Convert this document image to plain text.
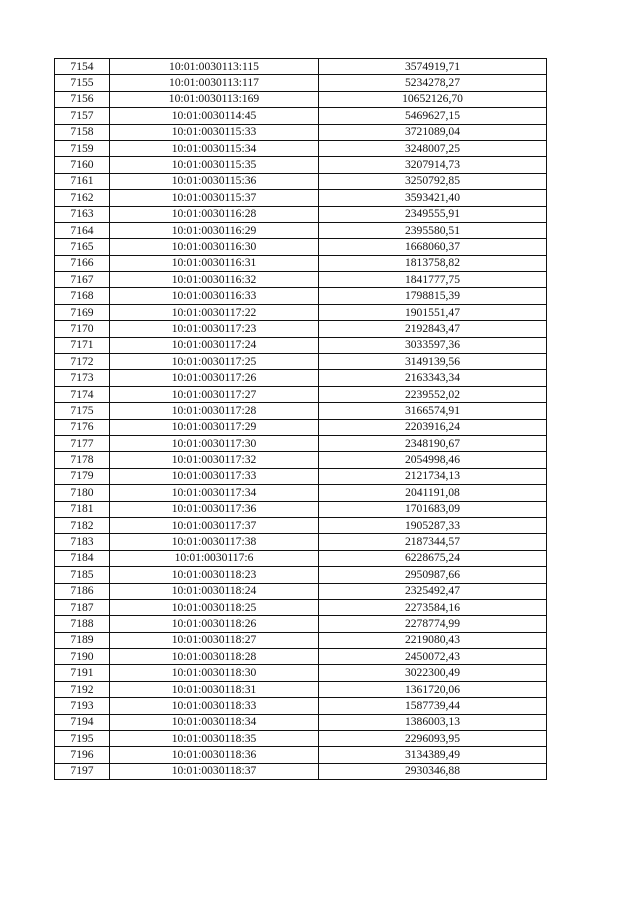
7154	10:01:0030113:115	3574919,71
7155	10:01:0030113:117	5234278,27
7156	10:01:0030113:169	10652126,70
7157	10:01:0030114:45	5469627,15
7158	10:01:0030115:33	3721089,04
7159	10:01:0030115:34	3248007,25
7160	10:01:0030115:35	3207914,73
7161	10:01:0030115:36	3250792,85
7162	10:01:0030115:37	3593421,40
7163	10:01:0030116:28	2349555,91
7164	10:01:0030116:29	2395580,51
7165	10:01:0030116:30	1668060,37
7166	10:01:0030116:31	1813758,82
7167	10:01:0030116:32	1841777,75
7168	10:01:0030116:33	1798815,39
7169	10:01:0030117:22	1901551,47
7170	10:01:0030117:23	2192843,47
7171	10:01:0030117:24	3033597,36
7172	10:01:0030117:25	3149139,56
7173	10:01:0030117:26	2163343,34
7174	10:01:0030117:27	2239552,02
7175	10:01:0030117:28	3166574,91
7176	10:01:0030117:29	2203916,24
7177	10:01:0030117:30	2348190,67
7178	10:01:0030117:32	2054998,46
7179	10:01:0030117:33	2121734,13
7180	10:01:0030117:34	2041191,08
7181	10:01:0030117:36	1701683,09
7182	10:01:0030117:37	1905287,33
7183	10:01:0030117:38	2187344,57
7184	10:01:0030117:6	6228675,24
7185	10:01:0030118:23	2950987,66
7186	10:01:0030118:24	2325492,47
7187	10:01:0030118:25	2273584,16
7188	10:01:0030118:26	2278774,99
7189	10:01:0030118:27	2219080,43
7190	10:01:0030118:28	2450072,43
7191	10:01:0030118:30	3022300,49
7192	10:01:0030118:31	1361720,06
7193	10:01:0030118:33	1587739,44
7194	10:01:0030118:34	1386003,13
7195	10:01:0030118:35	2296093,95
7196	10:01:0030118:36	3134389,49
7197	10:01:0030118:37	2930346,88
